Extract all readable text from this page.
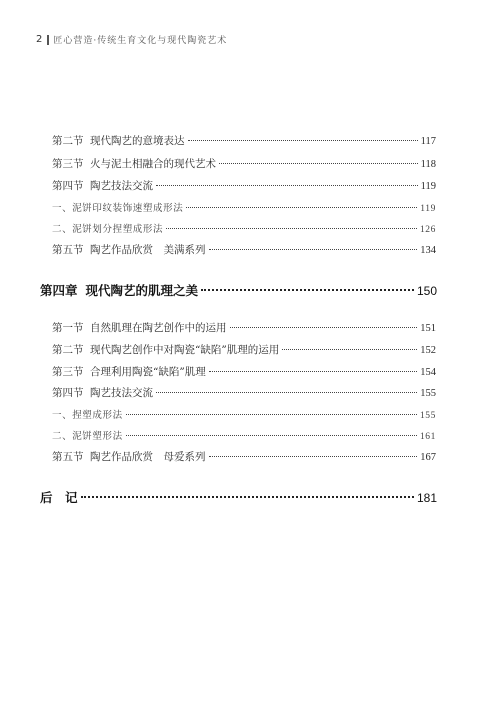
2 匠心营造·传统生育文化与现代陶瓷艺术
第二节 现代陶艺的意境表达	117
第三节 火与泥土相融合的现代艺术	118
第四节 陶艺技法交流	119
一、泥饼印纹装饰速塑成形法	119
二、泥饼划分捏塑成形法	126
第五节 陶艺作品欣赏　美满系列	134
第四章 现代陶艺的肌理之美	150
第一节 自然肌理在陶艺创作中的运用	151
第二节 现代陶艺创作中对陶瓷“缺陷”肌理的运用	152
第三节 合理利用陶瓷“缺陷”肌理	154
第四节 陶艺技法交流	155
一、捏塑成形法	155
二、泥饼塑形法	161
第五节 陶艺作品欣赏　母爱系列	167
后　记	181
